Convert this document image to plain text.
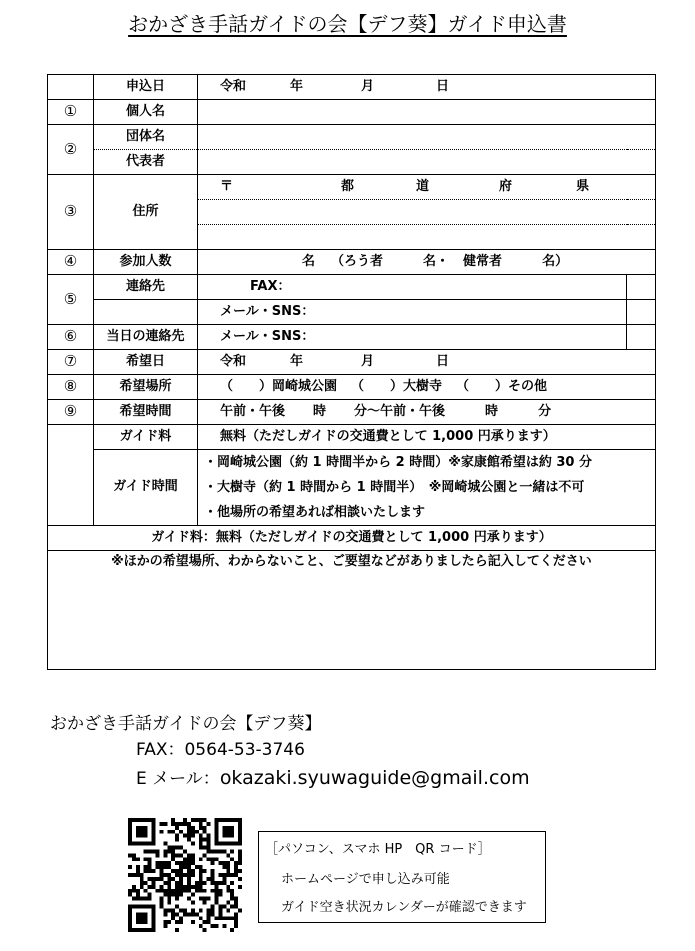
おかざき手話ガイドの会【デフ葵】ガイド申込書
	申込日	令和 年 月 日	
①	個人名		
②	団体名		
	代表者		
③	住所	〒 都 道 府 県	

④	参加人数	名 （ろう者 名・ 健常者 名）	
⑤	連絡先	FAX：	
		メール・SNS：	
⑥	当日の連絡先	メール・SNS：	
⑦	希望日	令和 年 月 日	
⑧	希望場所	（　　）岡崎城公園 （　　）大樹寺 （　　）その他	
⑨	希望時間	午前・午後 時 分～午前・午後 時 分	
	ガイド料	無料（ただしガイドの交通費として 1,000 円承ります）	
	ガイド時間	・岡崎城公園（約 1 時間半から 2 時間）※家康館希望は約 30 分
・大樹寺（約 1 時間から 1 時間半）　※岡崎城公園と一緒は不可
・他場所の希望あれば相談いたします	

ガイド料：無料（ただしガイドの交通費として 1,000 円承ります）			
※ほかの希望場所、わからないこと、ご要望などがありましたら記入してください			
おかざき手話ガイドの会【デフ葵】
FAX：0564-53-3746
E メール：okazaki.syuwaguide@gmail.com
［パソコン、スマホ HP　QR コード］
ホームページで申し込み可能
ガイド空き状況カレンダーが確認できます
